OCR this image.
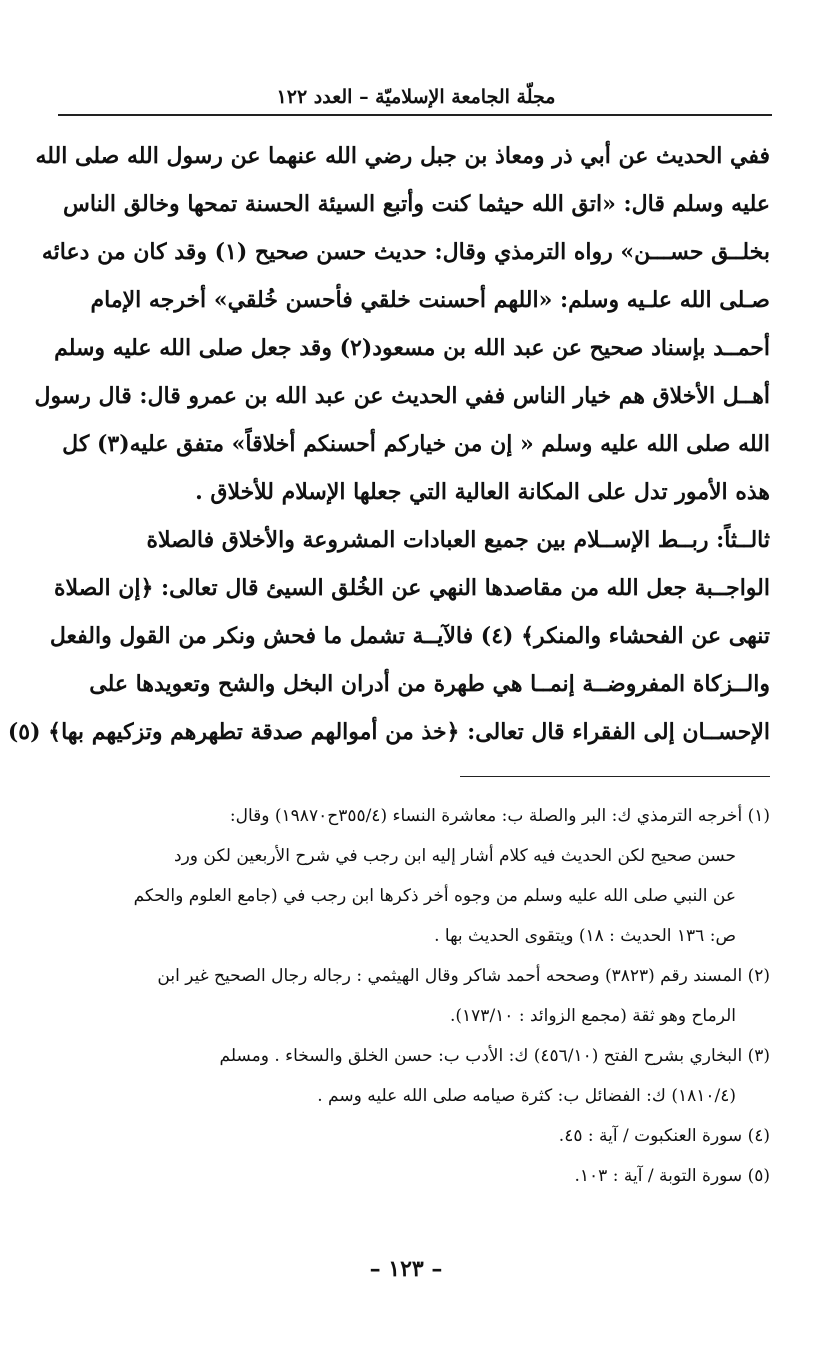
مجلّة الجامعة الإسلاميّة – العدد ١٢٢
ففي الحديث عن أبي ذر ومعاذ بن جبل رضي الله عنهما عن رسول الله صلى الله
عليه وسلم قال: «اتق الله حيثما كنت وأتبع السيئة الحسنة تمحها وخالق الناس
بخلــق حســـن» رواه الترمذي وقال: حديث حسن صحيح (١) وقد كان من دعائه
صـلى الله علـيه وسلم: «اللهم أحسنت خلقي فأحسن خُلقي» أخرجه الإمام
أحمــد بإسناد صحيح عن عبد الله بن مسعود(٢) وقد جعل صلى الله عليه وسلم
أهــل الأخلاق هم خيار الناس ففي الحديث عن عبد الله بن عمرو قال: قال رسول
الله صلى الله عليه وسلم « إن من خياركم أحسنكم أخلاقاً» متفق عليه(٣) كل
هذه الأمور تدل على المكانة العالية التي جعلها الإسلام للأخلاق .
ثالــثاً: ربــط الإســلام بين جميع العبادات المشروعة والأخلاق فالصلاة
الواجــبة جعل الله من مقاصدها النهي عن الخُلق السيئ قال تعالى: ﴿إن الصلاة
تنهى عن الفحشاء والمنكر﴾ (٤) فالآيــة تشمل ما فحش ونكر من القول والفعل
والــزكاة المفروضــة إنمــا هي طهرة من أدران البخل والشح وتعويدها على
الإحســان إلى الفقراء قال تعالى: ﴿خذ من أموالهم صدقة تطهرهم وتزكيهم بها﴾ (٥)
(١) أخرجه الترمذي ك: البر والصلة ب: معاشرة النساء (٣٥٥/٤ح١٩٨٧٠) وقال:
حسن صحيح لكن الحديث فيه كلام أشار إليه ابن رجب في شرح الأربعين لكن ورد
عن النبي صلى الله عليه وسلم من وجوه أخر ذكرها ابن رجب في (جامع العلوم والحكم
ص: ١٣٦ الحديث : ١٨) ويتقوى الحديث بها .
(٢) المسند رقم (٣٨٢٣) وصححه أحمد شاكر وقال الهيثمي : رجاله رجال الصحيح غير ابن
الرماح وهو ثقة (مجمع الزوائد : ١٧٣/١٠).
(٣) البخاري بشرح الفتح (٤٥٦/١٠) ك: الأدب ب: حسن الخلق والسخاء . ومسلم
(١٨١٠/٤) ك: الفضائل ب: كثرة صيامه صلى الله عليه وسم .
(٤) سورة العنكبوت / آية : ٤٥.
(٥) سورة التوبة / آية : ١٠٣.
– ١٢٣ –
